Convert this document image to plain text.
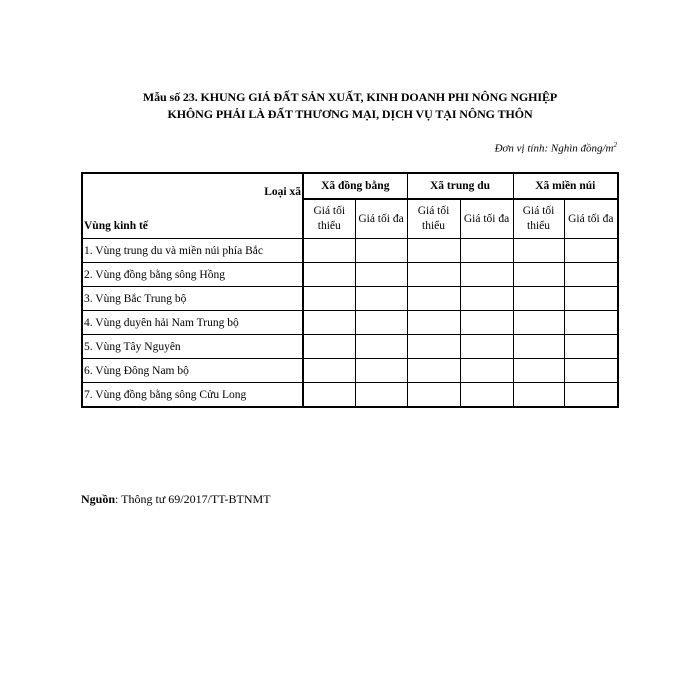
Mẫu số 23. KHUNG GIÁ ĐẤT SẢN XUẤT, KINH DOANH PHI NÔNG NGHIỆP
KHÔNG PHẢI LÀ ĐẤT THƯƠNG MẠI, DỊCH VỤ TẠI NÔNG THÔN
Đơn vị tính: Nghìn đồng/$m^2$
Loại xã
Vùng kinh tế	Xã đồng bằng		Xã trung du		Xã miền núi	
	Giá tối thiểu	Giá tối đa	Giá tối thiểu	Giá tối đa	Giá tối thiểu	Giá tối đa
1. Vùng trung du và miền núi phía Bắc						
2. Vùng đồng bằng sông Hồng						
3. Vùng Bắc Trung bộ						
4. Vùng duyên hải Nam Trung bộ						
5. Vùng Tây Nguyên						
6. Vùng Đông Nam bộ						
7. Vùng đồng bằng sông Cửu Long						
Nguồn: Thông tư 69/2017/TT-BTNMT
